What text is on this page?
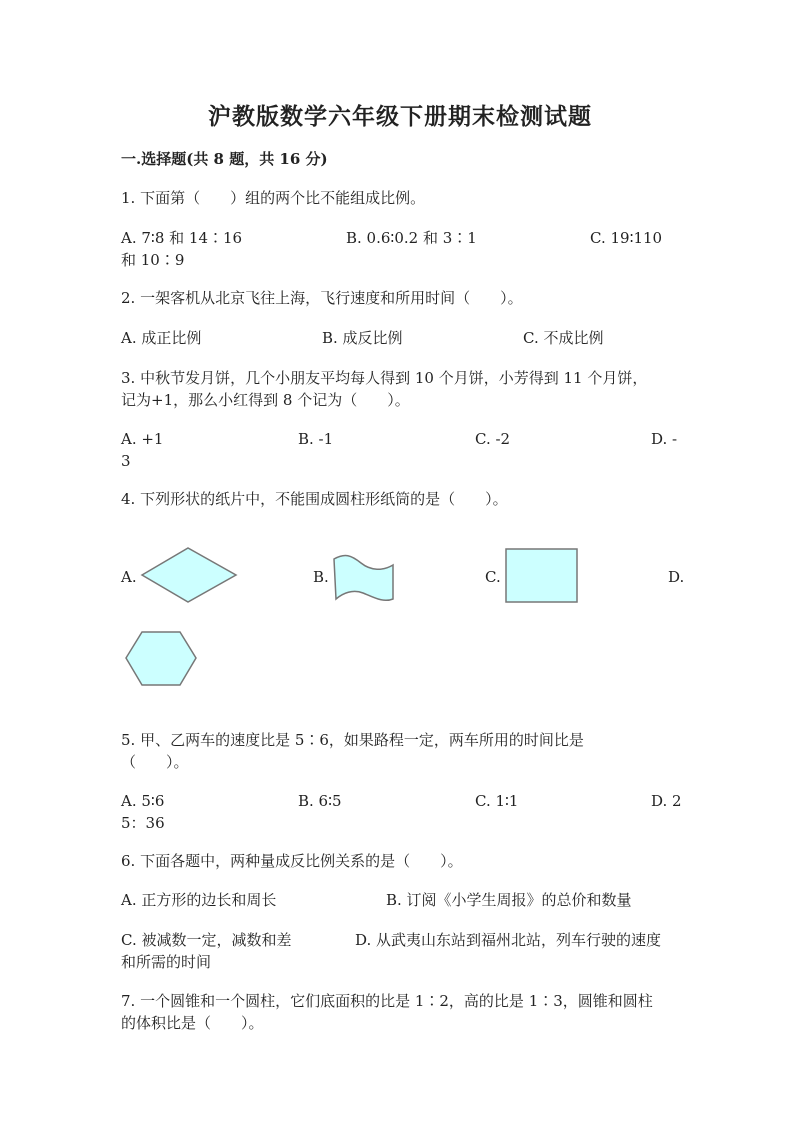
沪教版数学六年级下册期末检测试题
一.选择题(共 8 题，共 16 分)
1. 下面第（　　）组的两个比不能组成比例。
A. 7∶8 和 14∶16	B. 0.6∶0.2 和 3∶1	C. 19∶110
和 10∶9
2. 一架客机从北京飞往上海，飞行速度和所用时间（　　）。
A. 成正比例	B. 成反比例	C. 不成比例
3. 中秋节发月饼，几个小朋友平均每人得到 10 个月饼，小芳得到 11 个月饼，
记为+1，那么小红得到 8 个记为（　　）。
A. +1	B. -1	C. -2	D. -
3
4. 下列形状的纸片中，不能围成圆柱形纸筒的是（　　）。
A.	B.	C.	D.
5. 甲、乙两车的速度比是 5∶6，如果路程一定，两车所用的时间比是
（　　）。
A. 5∶6	B. 6∶5	C. 1∶1	D. 2
5：36
6. 下面各题中，两种量成反比例关系的是（　　）。
A. 正方形的边长和周长	B. 订阅《小学生周报》的总价和数量
C. 被减数一定，减数和差	D. 从武夷山东站到福州北站，列车行驶的速度
和所需的时间
7. 一个圆锥和一个圆柱，它们底面积的比是 1∶2，高的比是 1∶3，圆锥和圆柱
的体积比是（　　）。
